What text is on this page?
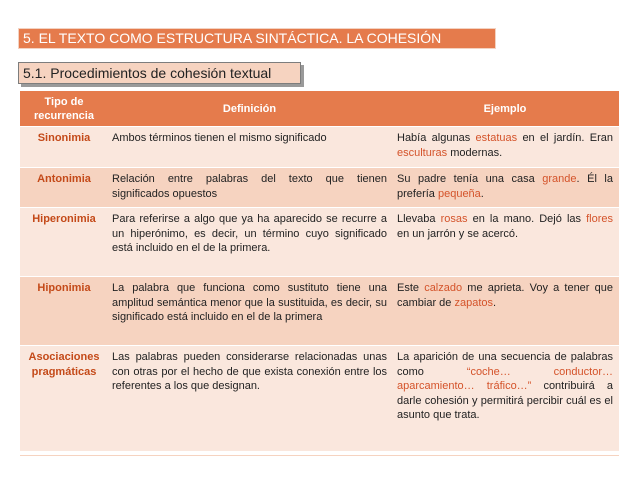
5. EL TEXTO COMO ESTRUCTURA SINTÁCTICA. LA COHESIÓN
5.1. Procedimientos de cohesión textual
Tipo de recurrencia	Definición	Ejemplo
Sinonimia	Ambos términos tienen el mismo significado	Había algunas estatuas en el jardín. Eran esculturas modernas.
Antonimia	Relación entre palabras del texto que tienen significados opuestos	Su padre tenía una casa grande. Él la prefería pequeña.
Hiperonimia	Para referirse a algo que ya ha aparecido se recurre a un hiperónimo, es decir, un término cuyo significado está incluido en el de la primera.	Llevaba rosas en la mano. Dejó las flores en un jarrón y se acercó.
Hiponimia	La palabra que funciona como sustituto tiene una amplitud semántica menor que la sustituida, es decir, su significado está incluido en el de la primera	Este calzado me aprieta. Voy a tener que cambiar de zapatos.
Asociaciones pragmáticas	Las palabras pueden considerarse relacionadas unas con otras por el hecho de que exista conexión entre los referentes a los que designan.	La aparición de una secuencia de palabras como “coche… conductor… aparcamiento… tráfico…” contribuirá a darle cohesión y permitirá percibir cuál es el asunto que trata.
